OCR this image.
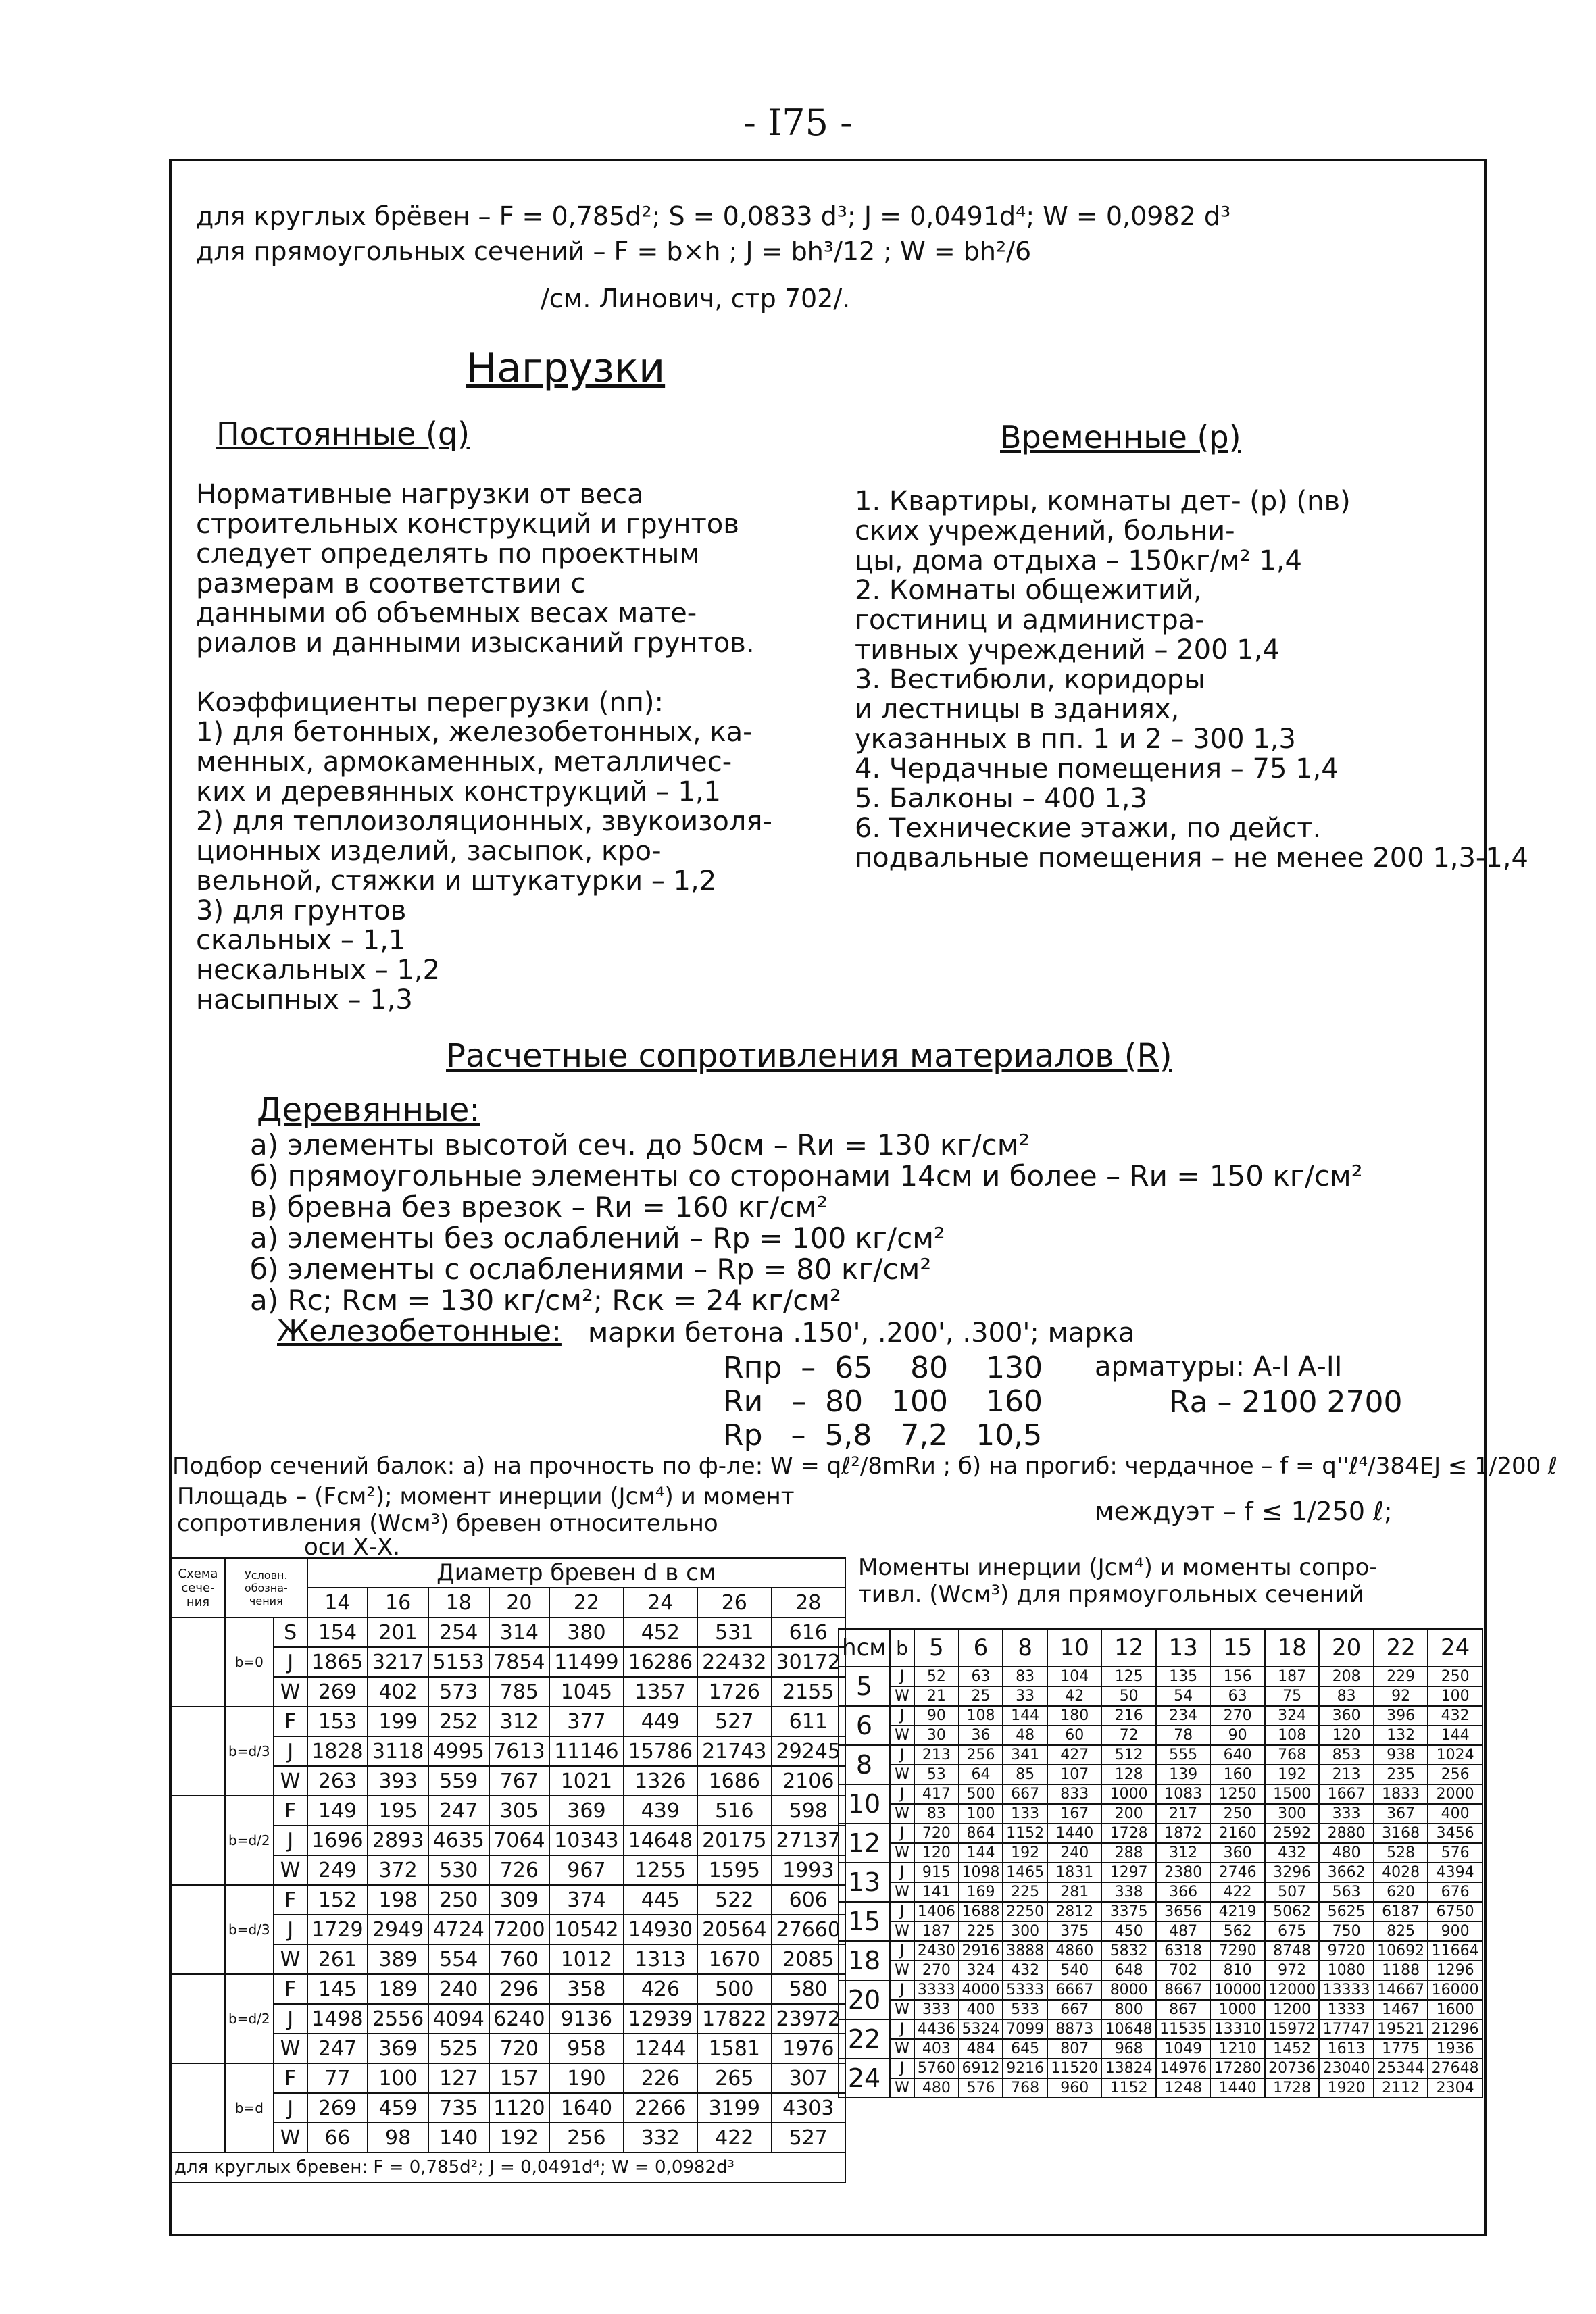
- I75 -
для круглых брёвен – F = 0,785d²; S = 0,0833 d³; J = 0,0491d⁴; W = 0,0982 d³
для прямоугольных сечений – F = b×h ; J = bh³/12 ; W = bh²/6
/см. Линович, стр 702/.
Нагрузки
Постоянные (q)
Нормативные нагрузки от веса
строительных конструкций и грунтов
следует определять по проектным
размерам в соответствии с
данными об объемных весах мате-
риалов и данными изысканий грунтов.

Коэффициенты перегрузки (nп):
1) для бетонных, железобетонных, ка-
менных, армокаменных, металличес-
ких и деревянных конструкций – 1,1
2) для теплоизоляционных, звукоизоля-
ционных изделий, засыпок, кро-
вельной, стяжки и штукатурки – 1,2
3) для грунтов
скальных – 1,1
нескальных – 1,2
насыпных – 1,3
Временные (p)
1. Квартиры, комнаты дет- (р) (nв)
ских учреждений, больни-
цы, дома отдыха – 150кг/м² 1,4
2. Комнаты общежитий,
гостиниц и администра-
тивных учреждений – 200 1,4
3. Вестибюли, коридоры
и лестницы в зданиях,
указанных в пп. 1 и 2 – 300 1,3
4. Чердачные помещения – 75 1,4
5. Балконы – 400 1,3
6. Технические этажи, по дейст.
подвальные помещения – не менее 200 1,3-1,4
Расчетные сопротивления материалов (R)
Деревянные:
а) элементы высотой сеч. до 50см – Rи = 130 кг/см²
б) прямоугольные элементы со сторонами 14см и более – Rи = 150 кг/см²
в) бревна без врезок – Rи = 160 кг/см²
а) элементы без ослаблений – Rр = 100 кг/см²
б) элементы с ослаблениями – Rр = 80 кг/см²
а) Rс; Rсм = 130 кг/см²; Rск = 24 кг/см²
Железобетонные: марки бетона .150', .200', .300'; марка
Rпр  –  65    80    130
Rи   –  80   100    160
Rр   –  5,8   7,2   10,5
арматуры: А-I А-II
Rа – 2100 2700
Подбор сечений балок: а) на прочность по ф-ле: W = qℓ²/8mRи ; б) на прогиб: чердачное – f = q''ℓ⁴/384EJ ≤ 1/200 ℓ
междуэт – f ≤ 1/250 ℓ;
Площадь – (Fсм²); момент инерции (Jсм⁴) и момент
сопротивления (Wсм³) бревен относительно
оси Х-Х.
Схема сече- ния	Условн. обозна- чения		Диаметр бревен d в см							
			14	16	18	20	22	24	26	28
	b=0	S	154	201	254	314	380	452	531	616
		J	1865	3217	5153	7854	11499	16286	22432	30172
		W	269	402	573	785	1045	1357	1726	2155
	b=d/3	F	153	199	252	312	377	449	527	611
		J	1828	3118	4995	7613	11146	15786	21743	29245
		W	263	393	559	767	1021	1326	1686	2106
	b=d/2	F	149	195	247	305	369	439	516	598
		J	1696	2893	4635	7064	10343	14648	20175	27137
		W	249	372	530	726	967	1255	1595	1993
	b=d/3	F	152	198	250	309	374	445	522	606
		J	1729	2949	4724	7200	10542	14930	20564	27660
		W	261	389	554	760	1012	1313	1670	2085
	b=d/2	F	145	189	240	296	358	426	500	580
		J	1498	2556	4094	6240	9136	12939	17822	23972
		W	247	369	525	720	958	1244	1581	1976
	b=d	F	77	100	127	157	190	226	265	307
		J	269	459	735	1120	1640	2266	3199	4303
		W	66	98	140	192	256	332	422	527
для круглых бревен: F = 0,785d²; J = 0,0491d⁴; W = 0,0982d³										
Моменты инерции (Jсм⁴) и моменты сопро-
тивл. (Wсм³) для прямоугольных сечений
hсм	b	5	6	8	10	12	13	15	18	20	22	24
5	J	52	63	83	104	125	135	156	187	208	229	250
	W	21	25	33	42	50	54	63	75	83	92	100
6	J	90	108	144	180	216	234	270	324	360	396	432
	W	30	36	48	60	72	78	90	108	120	132	144
8	J	213	256	341	427	512	555	640	768	853	938	1024
	W	53	64	85	107	128	139	160	192	213	235	256
10	J	417	500	667	833	1000	1083	1250	1500	1667	1833	2000
	W	83	100	133	167	200	217	250	300	333	367	400
12	J	720	864	1152	1440	1728	1872	2160	2592	2880	3168	3456
	W	120	144	192	240	288	312	360	432	480	528	576
13	J	915	1098	1465	1831	1297	2380	2746	3296	3662	4028	4394
	W	141	169	225	281	338	366	422	507	563	620	676
15	J	1406	1688	2250	2812	3375	3656	4219	5062	5625	6187	6750
	W	187	225	300	375	450	487	562	675	750	825	900
18	J	2430	2916	3888	4860	5832	6318	7290	8748	9720	10692	11664
	W	270	324	432	540	648	702	810	972	1080	1188	1296
20	J	3333	4000	5333	6667	8000	8667	10000	12000	13333	14667	16000
	W	333	400	533	667	800	867	1000	1200	1333	1467	1600
22	J	4436	5324	7099	8873	10648	11535	13310	15972	17747	19521	21296
	W	403	484	645	807	968	1049	1210	1452	1613	1775	1936
24	J	5760	6912	9216	11520	13824	14976	17280	20736	23040	25344	27648
	W	480	576	768	960	1152	1248	1440	1728	1920	2112	2304
